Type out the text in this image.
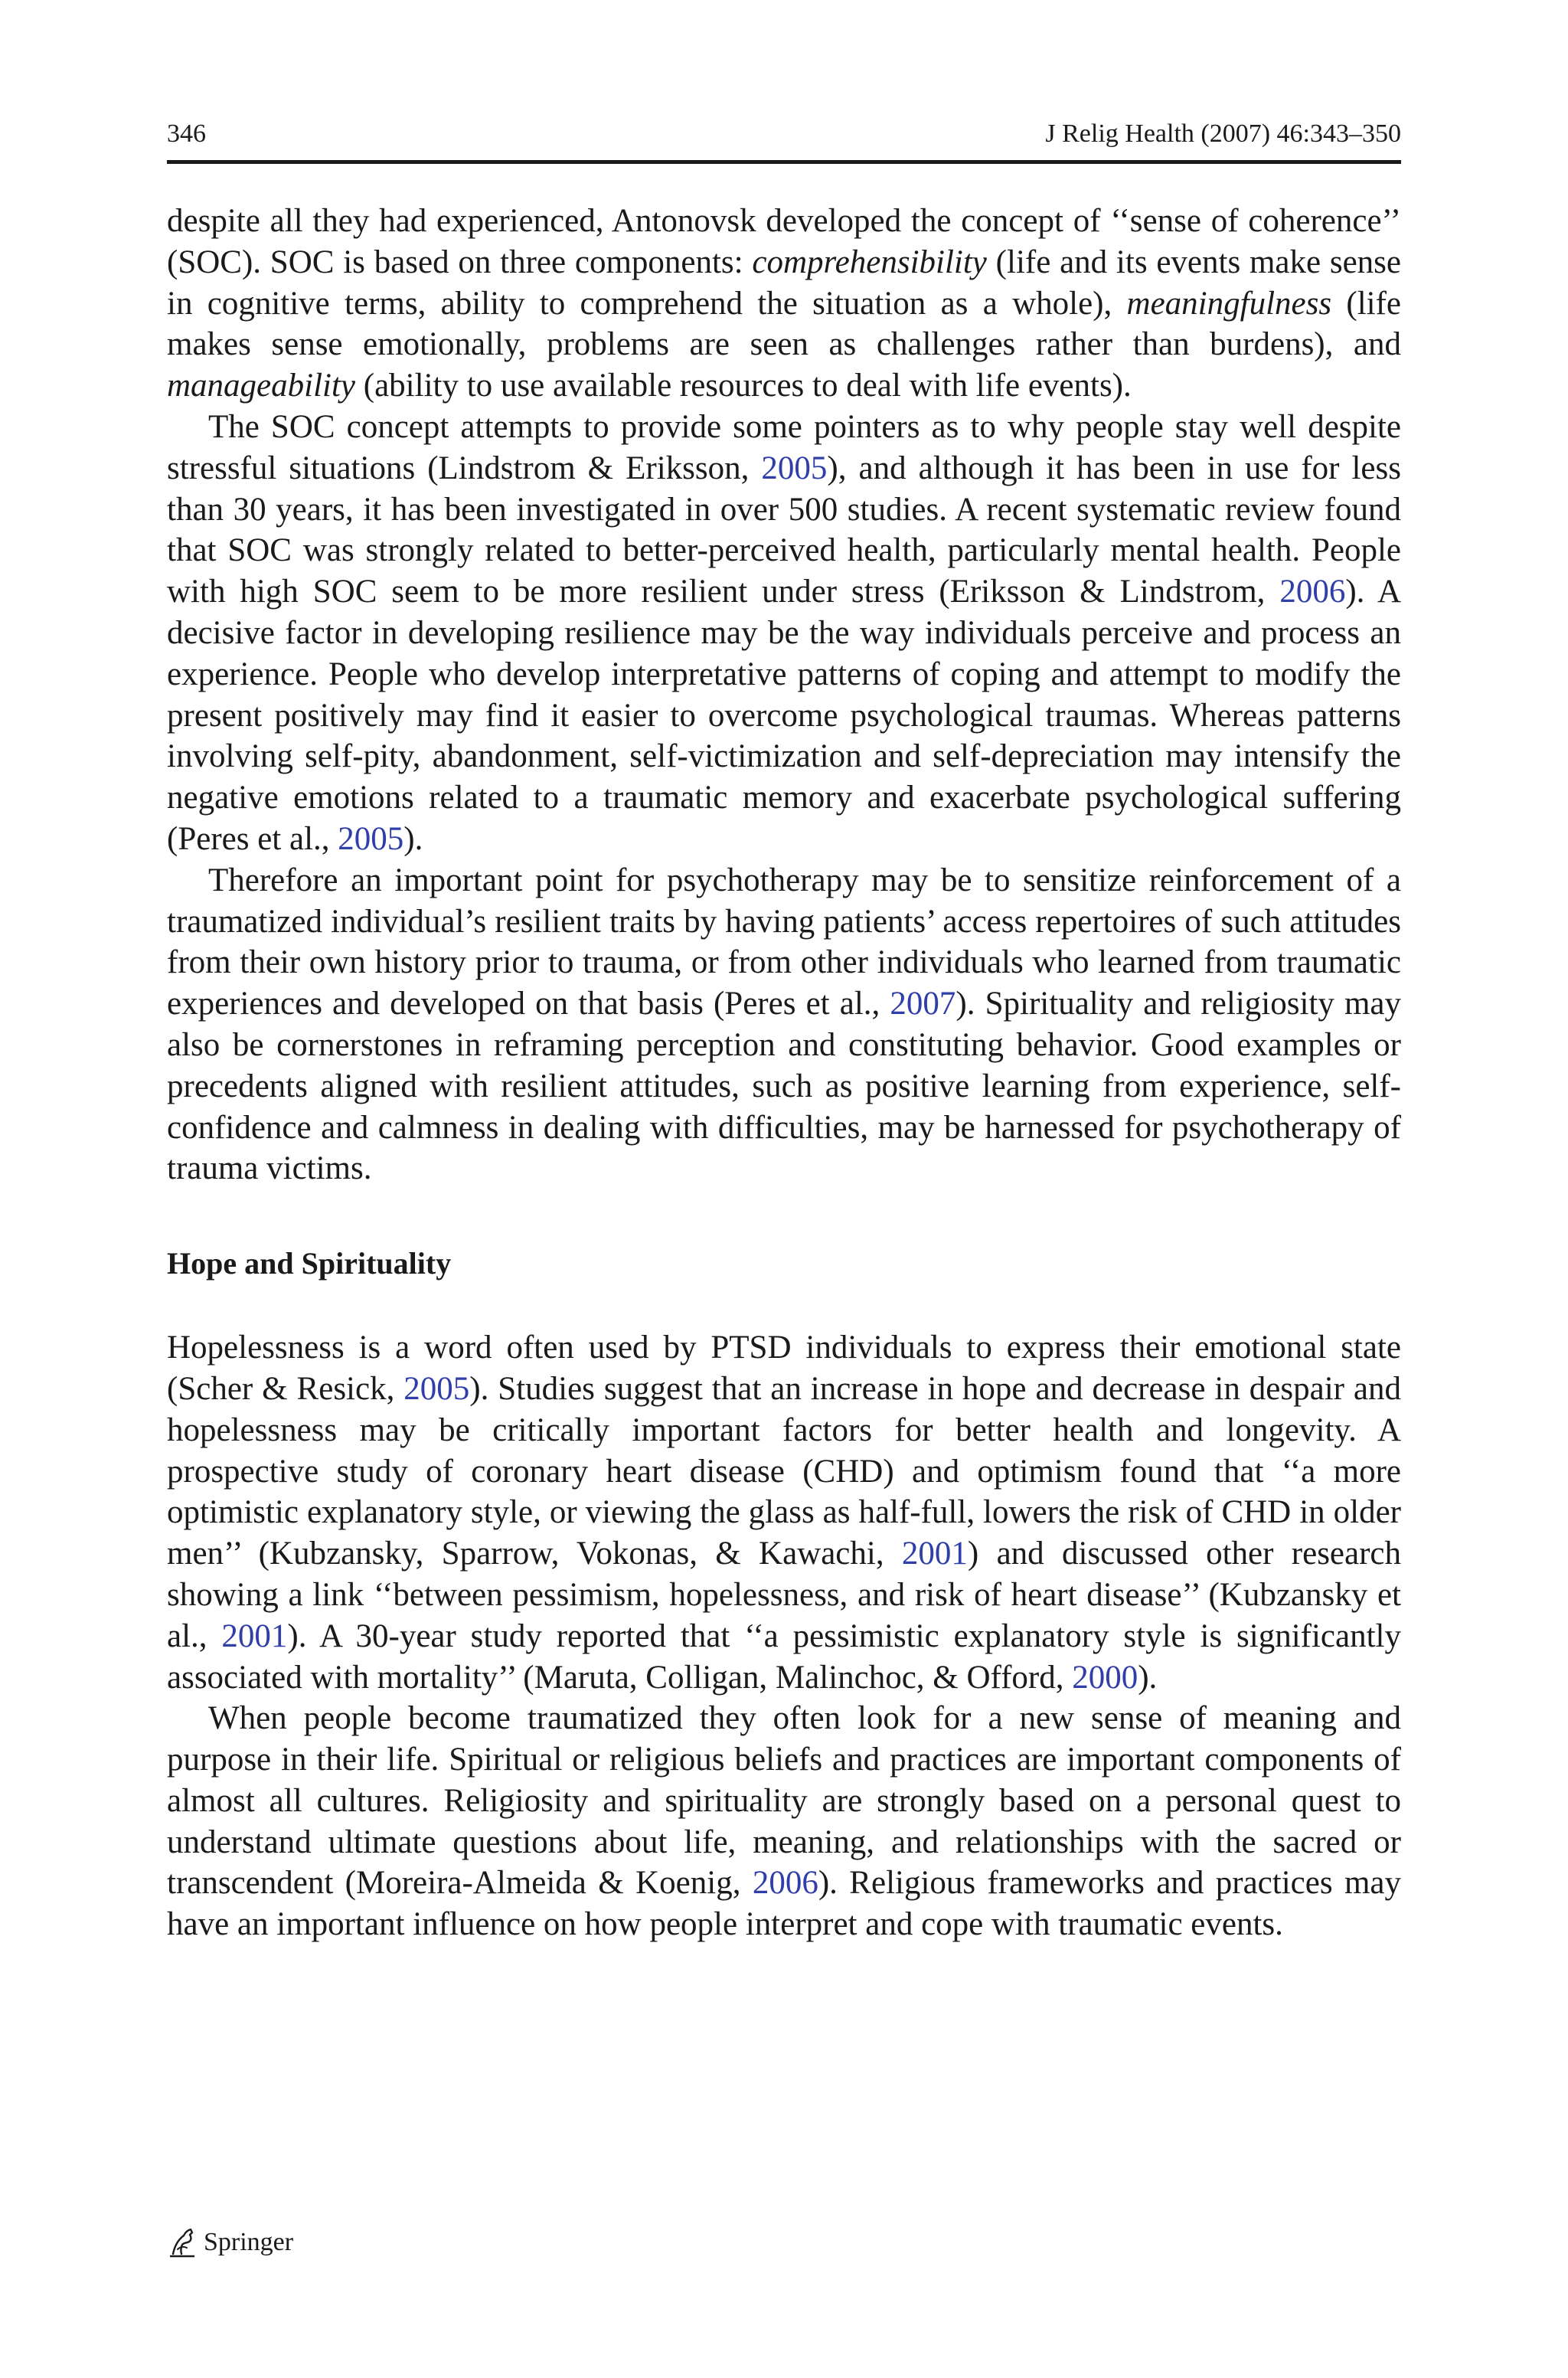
346	J Relig Health (2007) 46:343–350

despite all they had experienced, Antonovsk developed the concept of ‘‘sense of coherence’’ (SOC). SOC is based on three components: comprehensibility (life and its events make sense in cognitive terms, ability to comprehend the situation as a whole), meaningfulness (life makes sense emotionally, problems are seen as challenges rather than burdens), and manageability (ability to use available resources to deal with life events).

The SOC concept attempts to provide some pointers as to why people stay well despite stressful situations (Lindstrom & Eriksson, 2005), and although it has been in use for less than 30 years, it has been investigated in over 500 studies. A recent systematic review found that SOC was strongly related to better-perceived health, particularly mental health. People with high SOC seem to be more resilient under stress (Eriksson & Lindstrom, 2006). A decisive factor in developing resilience may be the way individuals perceive and process an experience. People who develop interpretative patterns of coping and attempt to modify the present positively may find it easier to overcome psychological traumas. Whereas patterns involving self-pity, abandonment, self-victimization and self-depreciation may intensify the negative emotions related to a traumatic memory and exacerbate psychological suffering (Peres et al., 2005).

Therefore an important point for psychotherapy may be to sensitize reinforcement of a traumatized individual’s resilient traits by having patients’ access repertoires of such attitudes from their own history prior to trauma, or from other individuals who learned from traumatic experiences and developed on that basis (Peres et al., 2007). Spirituality and religiosity may also be cornerstones in reframing perception and constituting behavior. Good examples or precedents aligned with resilient attitudes, such as positive learning from experience, self-confidence and calmness in dealing with difficulties, may be harnessed for psychotherapy of trauma victims.

Hope and Spirituality

Hopelessness is a word often used by PTSD individuals to express their emotional state (Scher & Resick, 2005). Studies suggest that an increase in hope and decrease in despair and hopelessness may be critically important factors for better health and longevity. A prospective study of coronary heart disease (CHD) and optimism found that ‘‘a more optimistic explanatory style, or viewing the glass as half-full, lowers the risk of CHD in older men’’ (Kubzansky, Sparrow, Vokonas, & Kawachi, 2001) and discussed other research showing a link ‘‘between pessimism, hopelessness, and risk of heart disease’’ (Kubzansky et al., 2001). A 30-year study reported that ‘‘a pessimistic explanatory style is significantly associated with mortality’’ (Maruta, Colligan, Malinchoc, & Offord, 2000).

When people become traumatized they often look for a new sense of meaning and purpose in their life. Spiritual or religious beliefs and practices are important components of almost all cultures. Religiosity and spirituality are strongly based on a personal quest to understand ultimate questions about life, meaning, and relationships with the sacred or transcendent (Moreira-Almeida & Koenig, 2006). Religious frameworks and practices may have an important influence on how people interpret and cope with traumatic events.

Springer
